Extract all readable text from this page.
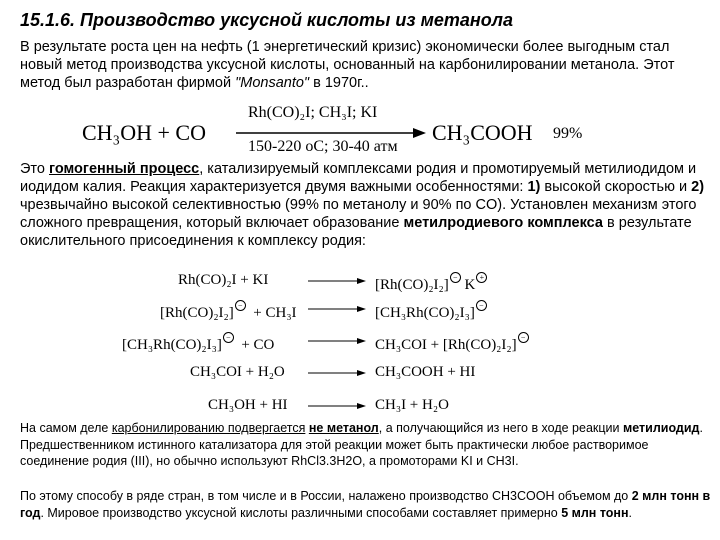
15.1.6. Производство уксусной кислоты из метанола
В результате роста цен на нефть (1 энергетический кризис) экономически более выгодным стал новый метод производства уксусной кислоты, основанный на карбонилировании метанола. Этот метод был разработан фирмой "Monsanto" в 1970г..
CH₃OH + CO
Rh(CO)₂I; CH₃I; KI
150-220 оС; 30-40 атм
CH₃COOH 99%
Это гомогенный процесс, катализируемый комплексами родия и промотируемый метилиодидом и иодидом калия. Реакция характеризуется двумя важными особенностями: 1) высокой скоростью и 2) чрезвычайно высокой селективностью (99% по метанолу и 90% по CO). Установлен механизм этого сложного превращения, который включает образование метилродиевого комплекса в результате окислительного присоединения к комплексу родия:
Rh(CO)₂I + KI → [Rh(CO)₂I₂] − K +
[Rh(CO)₂I₂] − + CH₃I → [CH₃Rh(CO)₂I₃] −
[CH₃Rh(CO)₂I₃] − + CO → CH₃COI + [Rh(CO)₂I₂] −
CH₃COI + H₂O → CH₃COOH + HI
CH₃OH + HI → CH₃I + H₂O
На самом деле карбонилированию подвергается не метанол, а получающийся из него в ходе реакции метилиодид. Предшественником истинного катализатора для этой реакции может быть практически любое растворимое соединение родия (III), но обычно используют RhCl3.3H2O, а промоторами KI и CH3I.
По этому способу в ряде стран, в том числе и в России, налажено производство CH3COOH объемом до 2 млн тонн в год. Мировое производство уксусной кислоты различными способами составляет примерно 5 млн тонн.
